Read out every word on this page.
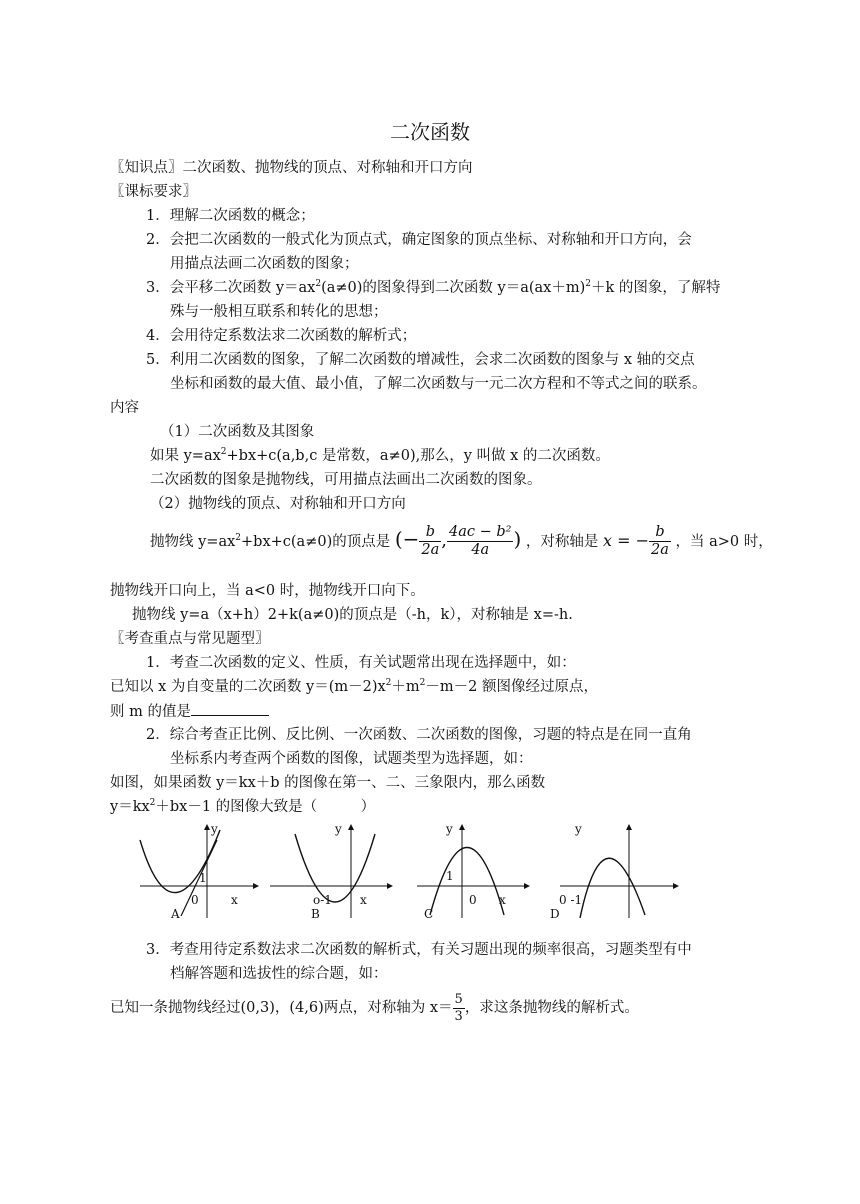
二次函数
〖知识点〗二次函数、抛物线的顶点、对称轴和开口方向
〖课标要求〗
1．理解二次函数的概念；
2．会把二次函数的一般式化为顶点式，确定图象的顶点坐标、对称轴和开口方向，会
用描点法画二次函数的图象；
3．会平移二次函数 $y=ax^2(a\ne 0)$的图象得到二次函数 $y=a(ax+m)^2+k$ 的图象，了解特
殊与一般相互联系和转化的思想；
4．会用待定系数法求二次函数的解析式；
5．利用二次函数的图象，了解二次函数的增减性，会求二次函数的图象与 x 轴的交点
坐标和函数的最大值、最小值，了解二次函数与一元二次方程和不等式之间的联系。
内容
（1）二次函数及其图象
如果 $y=ax^2+bx+c(a,b,c$ 是常数，a≠0),那么，y 叫做 x 的二次函数。
二次函数的图象是抛物线，可用描点法画出二次函数的图象。
（2）抛物线的顶点、对称轴和开口方向
抛物线 $y=ax^2+bx+c(a\ne 0)$的顶点是 (− $\frac{b}{2a}$ , $\frac{\text{4ac − b²}}{4a}$ ) ，对称轴是 x = − $\frac{b}{2a}$ ，当 a>0 时，
抛物线开口向上，当 a<0 时，抛物线开口向下。
抛物线 y=a（x+h）2+k(a≠0)的顶点是（-h，k），对称轴是 x=-h.
〖考查重点与常见题型〗
1．考查二次函数的定义、性质，有关试题常出现在选择题中，如：
已知以 x 为自变量的二次函数 $y=(m-2)x^2+m^2-m-2$ 额图像经过原点，
则 m 的值是
2．综合考查正比例、反比例、一次函数、二次函数的图像，习题的特点是在同一直角
坐标系内考查两个函数的图像，试题类型为选择题，如：
如图，如果函数 y＝kx＋b 的图像在第一、二、三象限内，那么函数
$y=kx^2+bx-1$ 的图像大致是（　　　）
y
1
0	x
A
y
o-1 x
B
y
1
0 x
C
y
0 -1
D
3．考查用待定系数法求二次函数的解析式，有关习题出现的频率很高，习题类型有中
档解答题和选拔性的综合题，如：
已知一条抛物线经过(0,3)，(4,6)两点，对称轴为 $x= \frac{5}{3}$ ，求这条抛物线的解析式。
